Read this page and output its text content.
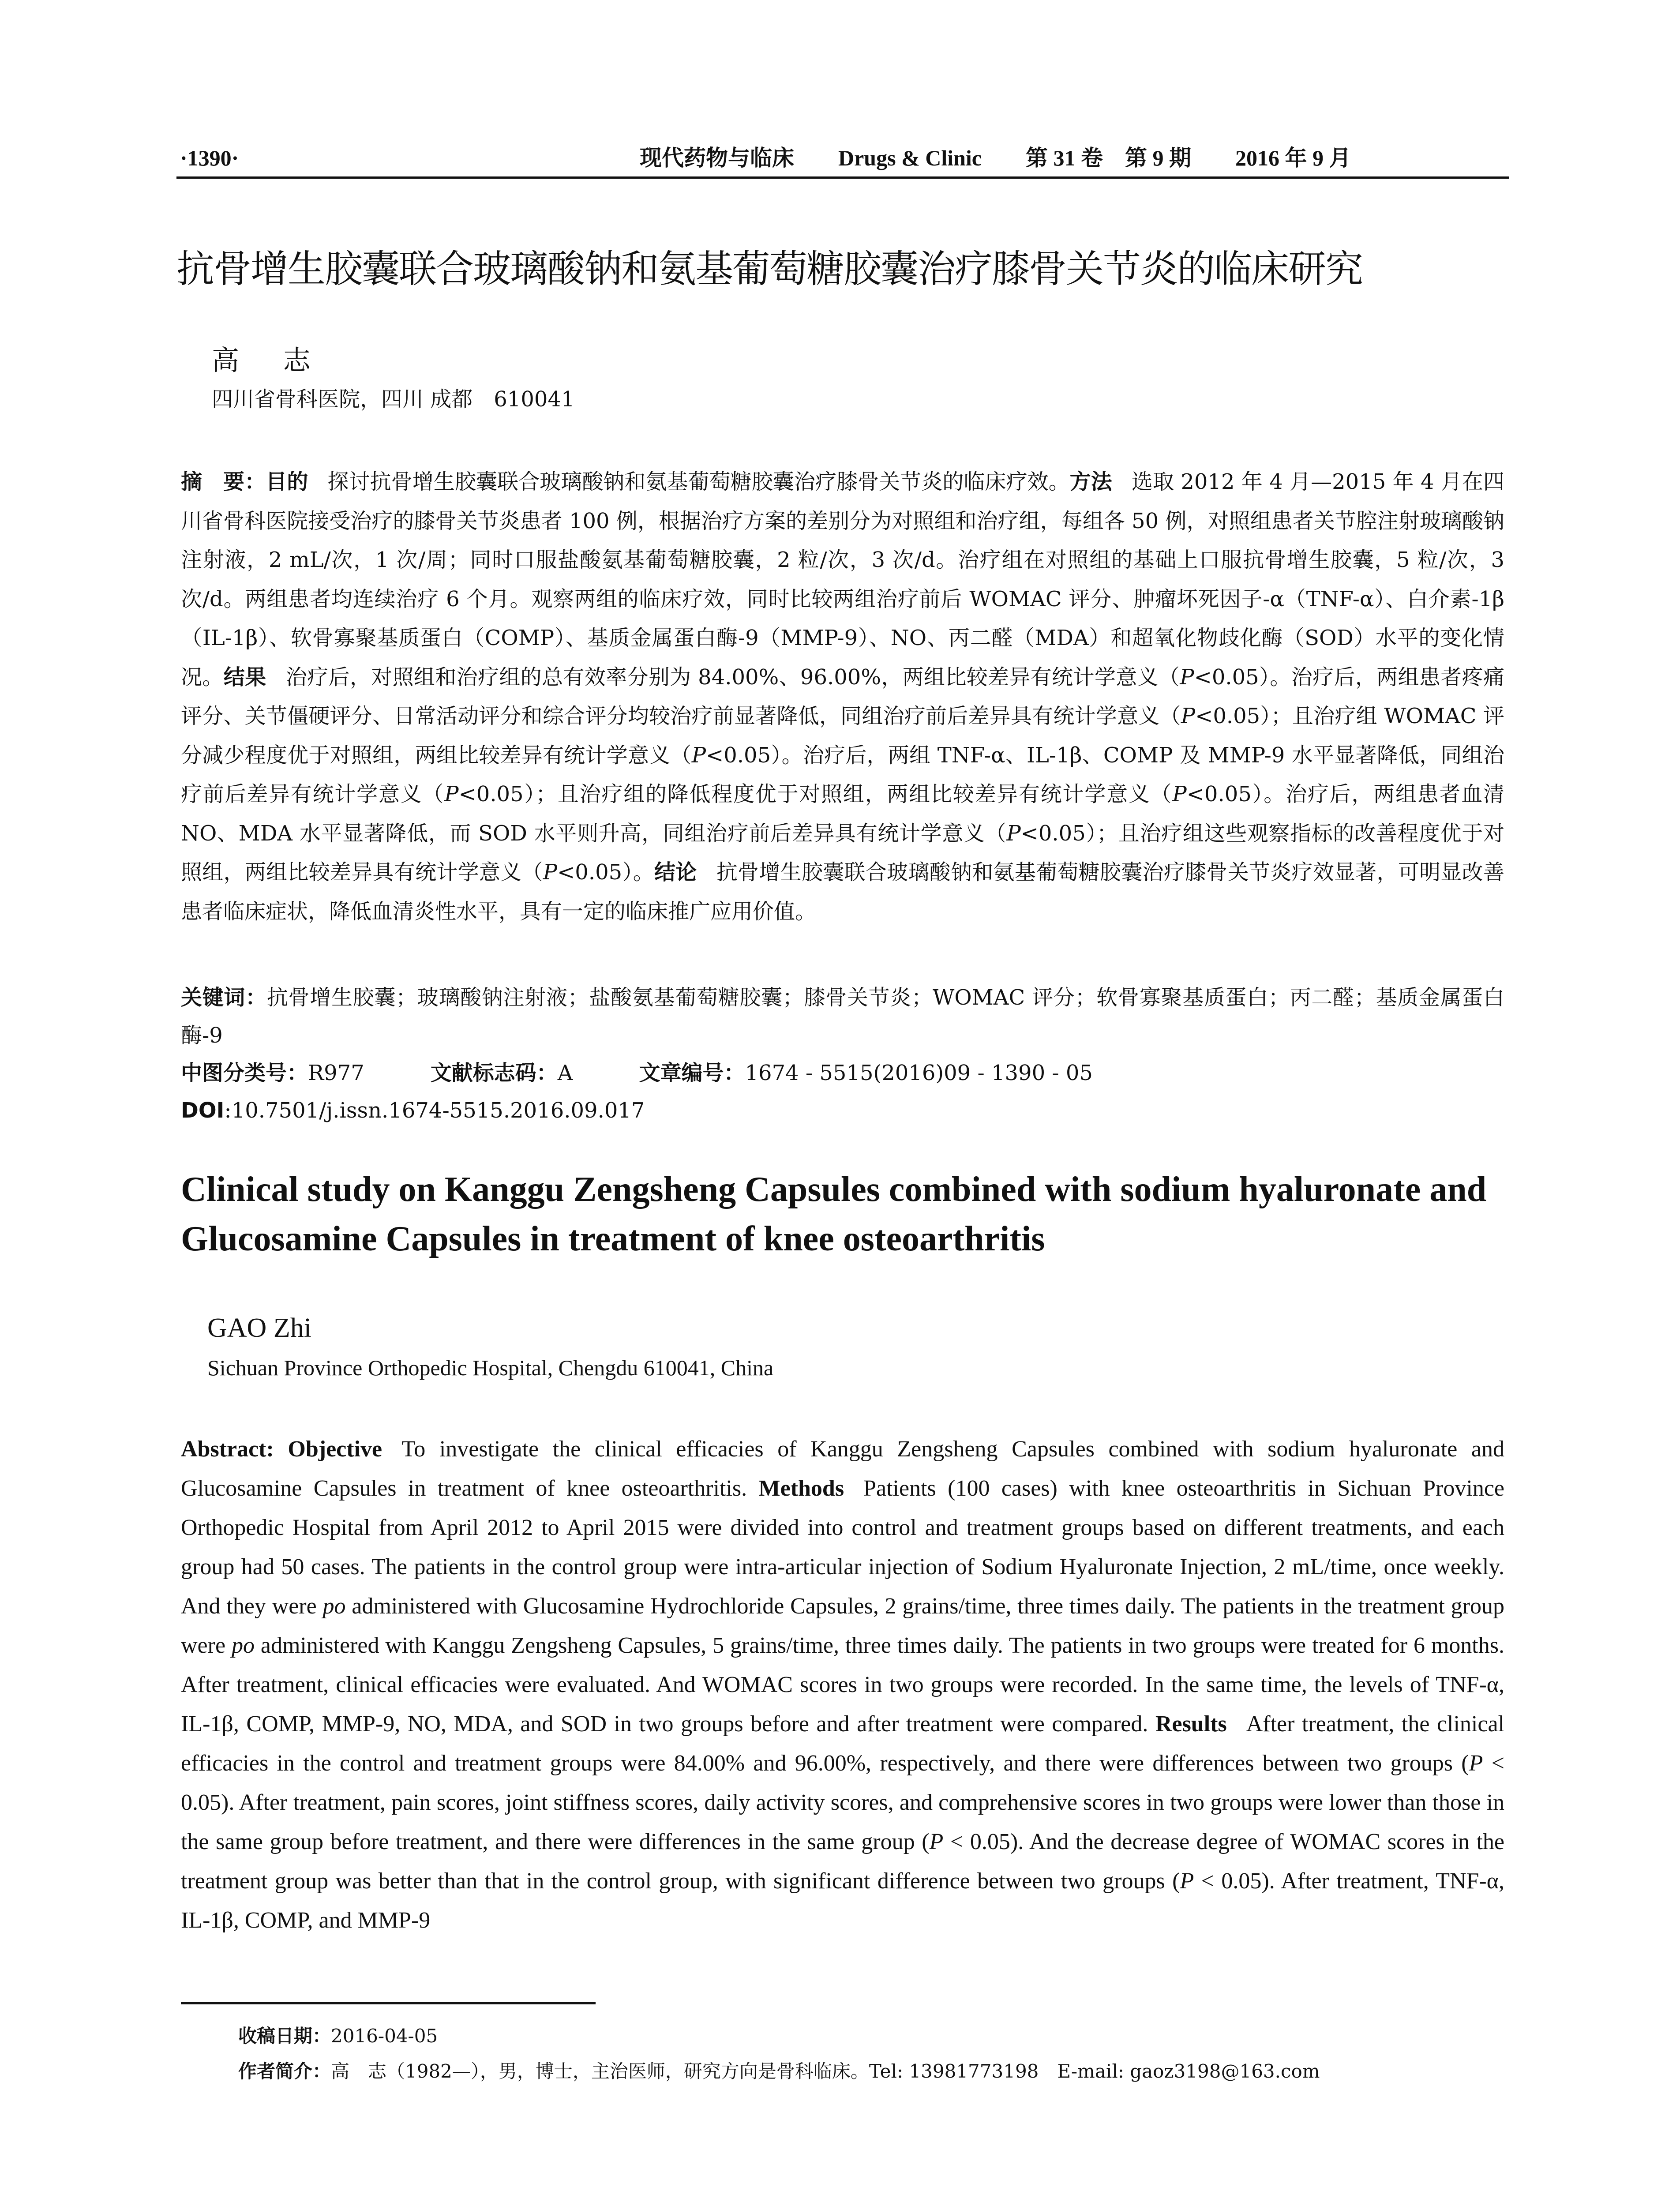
·1390·	现代药物与临床　　Drugs & Clinic　　第 31 卷　第 9 期　　2016 年 9 月
抗骨增生胶囊联合玻璃酸钠和氨基葡萄糖胶囊治疗膝骨关节炎的临床研究
高 志
四川省骨科医院，四川 成都　610041
摘　要：目的 探讨抗骨增生胶囊联合玻璃酸钠和氨基葡萄糖胶囊治疗膝骨关节炎的临床疗效。方法 选取 2012 年 4 月—2015 年 4 月在四川省骨科医院接受治疗的膝骨关节炎患者 100 例，根据治疗方案的差别分为对照组和治疗组，每组各 50 例，对照组患者关节腔注射玻璃酸钠注射液，2 mL/次，1 次/周；同时口服盐酸氨基葡萄糖胶囊，2 粒/次，3 次/d。治疗组在对照组的基础上口服抗骨增生胶囊，5 粒/次，3 次/d。两组患者均连续治疗 6 个月。观察两组的临床疗效，同时比较两组治疗前后 WOMAC 评分、肿瘤坏死因子-α（TNF-α）、白介素-1β（IL-1β）、软骨寡聚基质蛋白（COMP）、基质金属蛋白酶-9（MMP-9）、NO、丙二醛（MDA）和超氧化物歧化酶（SOD）水平的变化情况。结果 治疗后，对照组和治疗组的总有效率分别为 84.00%、96.00%，两组比较差异有统计学意义（P<0.05）。治疗后，两组患者疼痛评分、关节僵硬评分、日常活动评分和综合评分均较治疗前显著降低，同组治疗前后差异具有统计学意义（P<0.05）；且治疗组 WOMAC 评分减少程度优于对照组，两组比较差异有统计学意义（P<0.05）。治疗后，两组 TNF-α、IL-1β、COMP 及 MMP-9 水平显著降低，同组治疗前后差异有统计学意义（P<0.05）；且治疗组的降低程度优于对照组，两组比较差异有统计学意义（P<0.05）。治疗后，两组患者血清 NO、MDA 水平显著降低，而 SOD 水平则升高，同组治疗前后差异具有统计学意义（P<0.05）；且治疗组这些观察指标的改善程度优于对照组，两组比较差异具有统计学意义（P<0.05）。结论 抗骨增生胶囊联合玻璃酸钠和氨基葡萄糖胶囊治疗膝骨关节炎疗效显著，可明显改善患者临床症状，降低血清炎性水平，具有一定的临床推广应用价值。
关键词：抗骨增生胶囊；玻璃酸钠注射液；盐酸氨基葡萄糖胶囊；膝骨关节炎；WOMAC 评分；软骨寡聚基质蛋白；丙二醛；基质金属蛋白酶-9
中图分类号：R977	文献标志码：A	文章编号：1674 - 5515(2016)09 - 1390 - 05
DOI:10.7501/j.issn.1674-5515.2016.09.017
Clinical study on Kanggu Zengsheng Capsules combined with sodium hyaluronate and Glucosamine Capsules in treatment of knee osteoarthritis
GAO Zhi
Sichuan Province Orthopedic Hospital, Chengdu 610041, China
Abstract: Objective To investigate the clinical efficacies of Kanggu Zengsheng Capsules combined with sodium hyaluronate and Glucosamine Capsules in treatment of knee osteoarthritis. Methods Patients (100 cases) with knee osteoarthritis in Sichuan Province Orthopedic Hospital from April 2012 to April 2015 were divided into control and treatment groups based on different treatments, and each group had 50 cases. The patients in the control group were intra-articular injection of Sodium Hyaluronate Injection, 2 mL/time, once weekly. And they were po administered with Glucosamine Hydrochloride Capsules, 2 grains/time, three times daily. The patients in the treatment group were po administered with Kanggu Zengsheng Capsules, 5 grains/time, three times daily. The patients in two groups were treated for 6 months. After treatment, clinical efficacies were evaluated. And WOMAC scores in two groups were recorded. In the same time, the levels of TNF-α, IL-1β, COMP, MMP-9, NO, MDA, and SOD in two groups before and after treatment were compared. Results After treatment, the clinical efficacies in the control and treatment groups were 84.00% and 96.00%, respectively, and there were differences between two groups (P < 0.05). After treatment, pain scores, joint stiffness scores, daily activity scores, and comprehensive scores in two groups were lower than those in the same group before treatment, and there were differences in the same group (P < 0.05). And the decrease degree of WOMAC scores in the treatment group was better than that in the control group, with significant difference between two groups (P < 0.05). After treatment, TNF-α, IL-1β, COMP, and MMP-9
收稿日期：2016-04-05
作者简介：高　志（1982—），男，博士，主治医师，研究方向是骨科临床。Tel: 13981773198　E-mail: gaoz3198@163.com
